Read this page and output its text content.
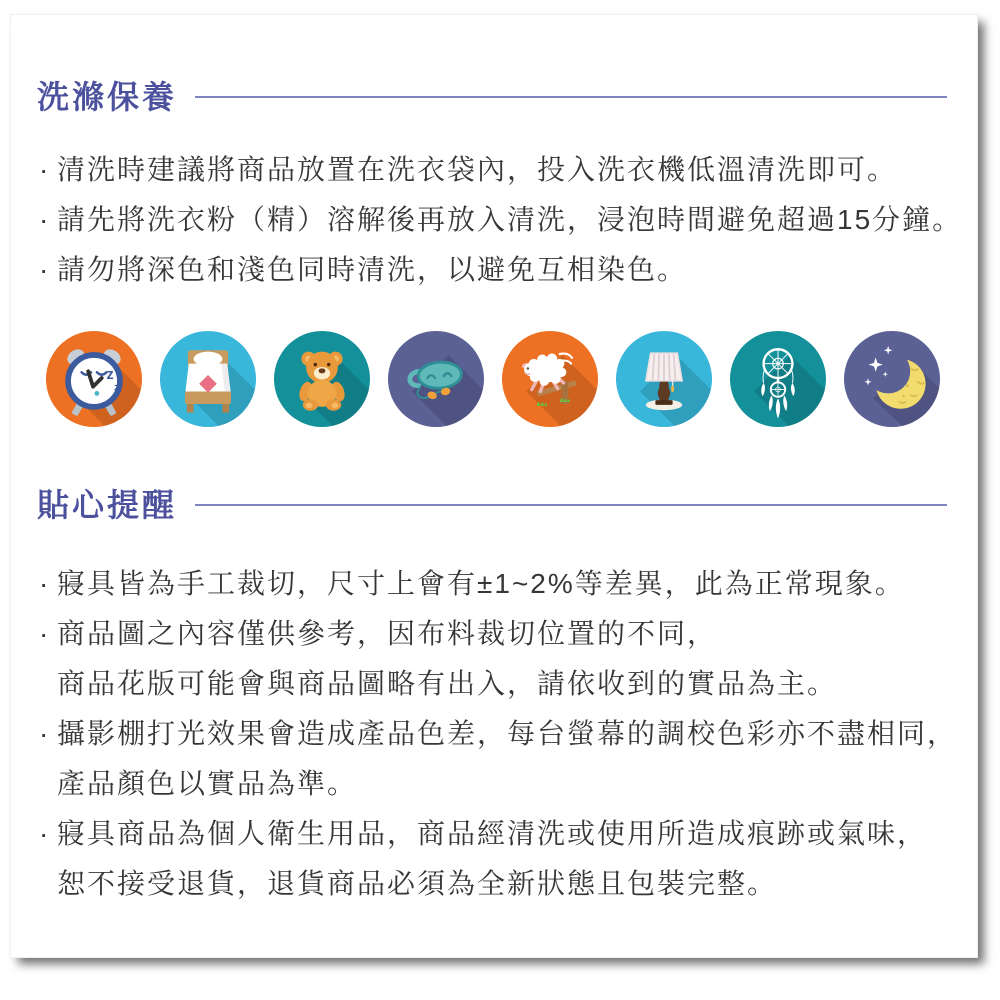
洗滌保養
· 清洗時建議將商品放置在洗衣袋內，投入洗衣機低溫清洗即可。
· 請先將洗衣粉（精）溶解後再放入清洗，浸泡時間避免超過15分鐘。
· 請勿將深色和淺色同時清洗，以避免互相染色。
z
z
貼心提醒
· 寢具皆為手工裁切，尺寸上會有±1~2%等差異，此為正常現象。
· 商品圖之內容僅供參考，因布料裁切位置的不同，
商品花版可能會與商品圖略有出入，請依收到的實品為主。
· 攝影棚打光效果會造成產品色差，每台螢幕的調校色彩亦不盡相同，
產品顏色以實品為準。
· 寢具商品為個人衛生用品，商品經清洗或使用所造成痕跡或氣味，
恕不接受退貨，退貨商品必須為全新狀態且包裝完整。
